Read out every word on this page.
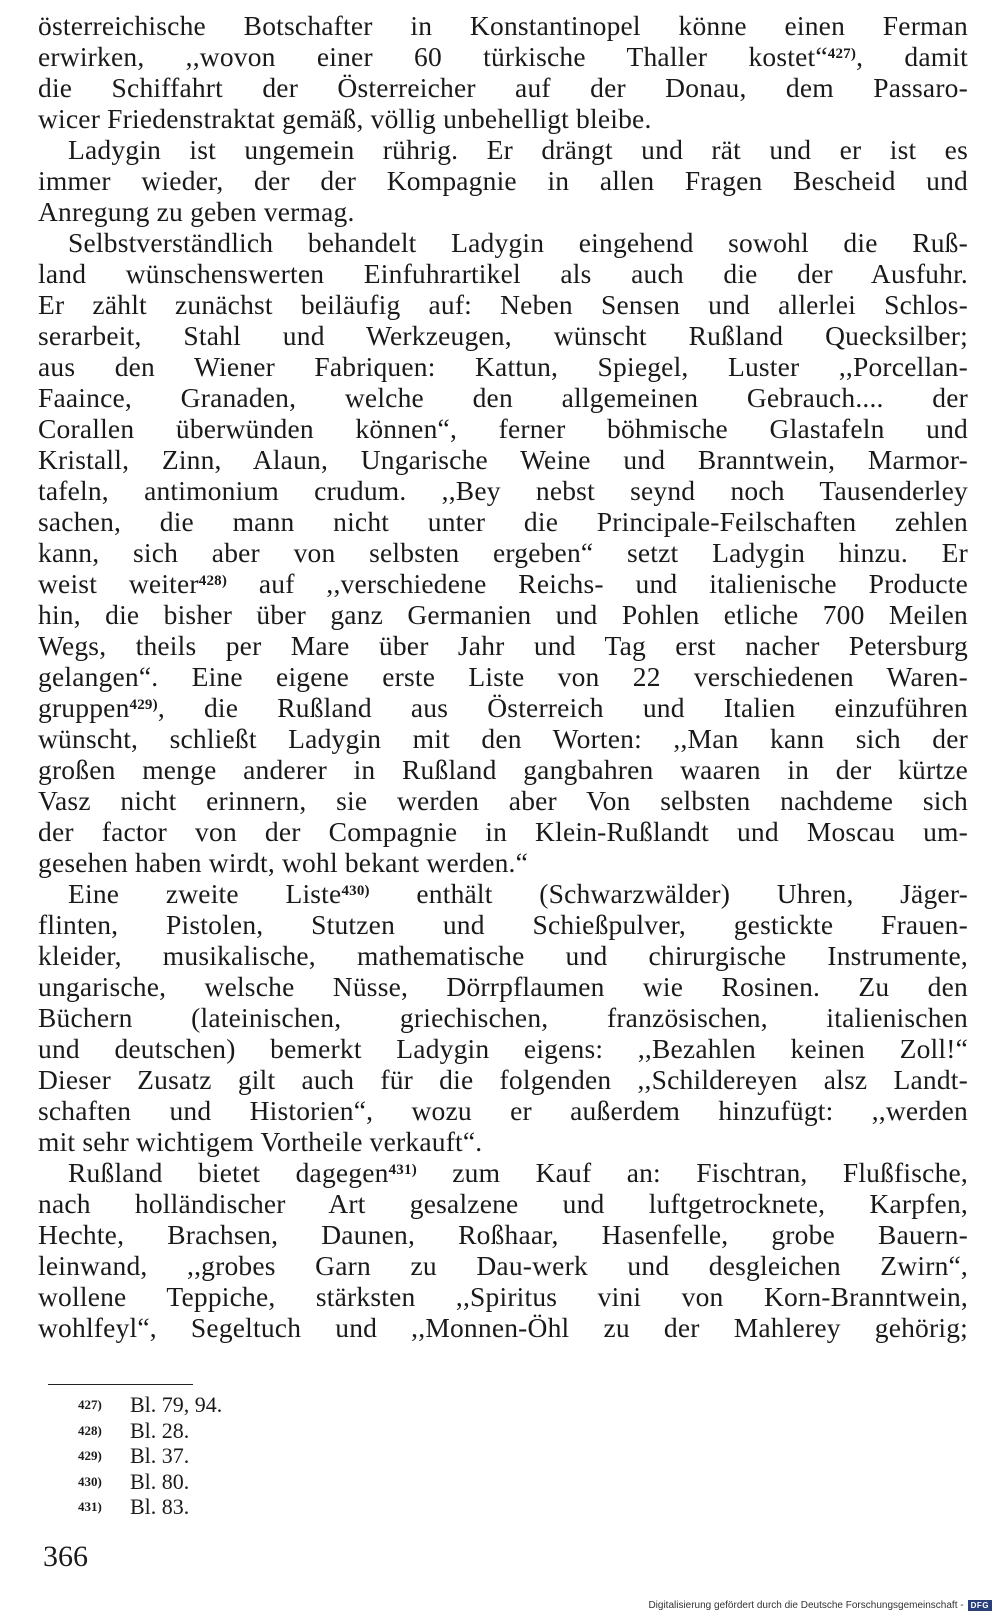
österreichische Botschafter in Konstantinopel könne einen Ferman
erwirken, ,,wovon einer 60 türkische Thaller kostet“$^{427)}$, damit
die Schiffahrt der Österreicher auf der Donau, dem Passaro-
wicer Friedenstraktat gemäß, völlig unbehelligt bleibe.
Ladygin ist ungemein rührig. Er drängt und rät und er ist es
immer wieder, der der Kompagnie in allen Fragen Bescheid und
Anregung zu geben vermag.
Selbstverständlich behandelt Ladygin eingehend sowohl die Ruß-
land wünschenswerten Einfuhrartikel als auch die der Ausfuhr.
Er zählt zunächst beiläufig auf: Neben Sensen und allerlei Schlos-
serarbeit, Stahl und Werkzeugen, wünscht Rußland Quecksilber;
aus den Wiener Fabriquen: Kattun, Spiegel, Luster ,,Porcellan-
Faaince, Granaden, welche den allgemeinen Gebrauch.... der
Corallen überwünden können“, ferner böhmische Glastafeln und
Kristall, Zinn, Alaun, Ungarische Weine und Branntwein, Marmor-
tafeln, antimonium crudum. ,,Bey nebst seynd noch Tausenderley
sachen, die mann nicht unter die Principale-Feilschaften zehlen
kann, sich aber von selbsten ergeben“ setzt Ladygin hinzu. Er
weist weiter$^{428)}$ auf ,,verschiedene Reichs- und italienische Producte
hin, die bisher über ganz Germanien und Pohlen etliche 700 Meilen
Wegs, theils per Mare über Jahr und Tag erst nacher Petersburg
gelangen“. Eine eigene erste Liste von 22 verschiedenen Waren-
gruppen$^{429)}$, die Rußland aus Österreich und Italien einzuführen
wünscht, schließt Ladygin mit den Worten: ,,Man kann sich der
großen menge anderer in Rußland gangbahren waaren in der kürtze
Vasz nicht erinnern, sie werden aber Von selbsten nachdeme sich
der factor von der Compagnie in Klein-Rußlandt und Moscau um-
gesehen haben wirdt, wohl bekant werden.“
Eine zweite Liste$^{430)}$ enthält (Schwarzwälder) Uhren, Jäger-
flinten, Pistolen, Stutzen und Schießpulver, gestickte Frauen-
kleider, musikalische, mathematische und chirurgische Instrumente,
ungarische, welsche Nüsse, Dörrpflaumen wie Rosinen. Zu den
Büchern (lateinischen, griechischen, französischen, italienischen
und deutschen) bemerkt Ladygin eigens: ,,Bezahlen keinen Zoll!“
Dieser Zusatz gilt auch für die folgenden ,,Schildereyen alsz Landt-
schaften und Historien“, wozu er außerdem hinzufügt: ,,werden
mit sehr wichtigem Vortheile verkauft“.
Rußland bietet dagegen$^{431)}$ zum Kauf an: Fischtran, Flußfische,
nach holländischer Art gesalzene und luftgetrocknete, Karpfen,
Hechte, Brachsen, Daunen, Roßhaar, Hasenfelle, grobe Bauern-
leinwand, ,,grobes Garn zu Dau-werk und desgleichen Zwirn“,
wollene Teppiche, stärksten ,,Spiritus vini von Korn-Branntwein,
wohlfeyl“, Segeltuch und ,,Monnen-Öhl zu der Mahlerey gehörig;
427) Bl. 79, 94.
428) Bl. 28.
429) Bl. 37.
430) Bl. 80.
431) Bl. 83.
366
Digitalisierung gefördert durch die Deutsche Forschungsgemeinschaft - DFG
